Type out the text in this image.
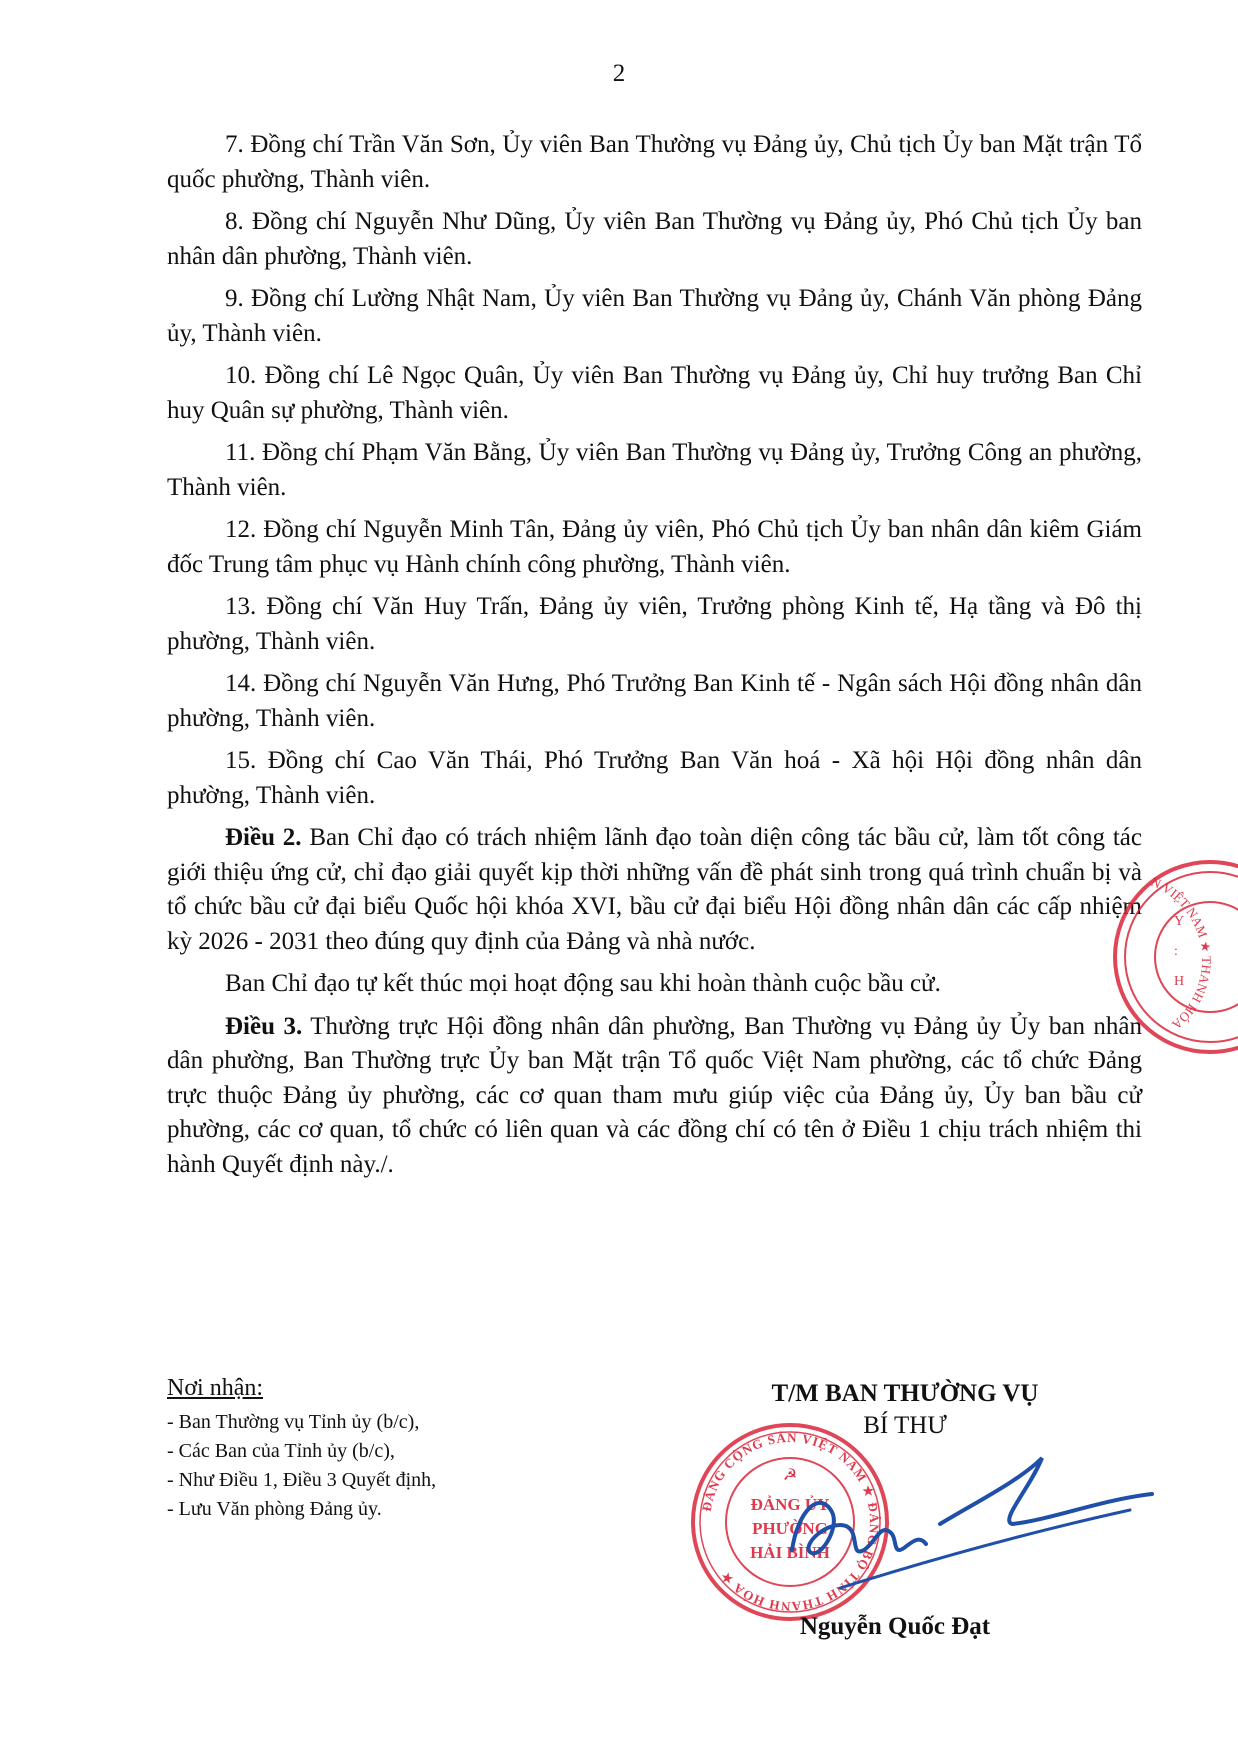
2

7. Đồng chí Trần Văn Sơn, Ủy viên Ban Thường vụ Đảng ủy, Chủ tịch Ủy ban Mặt trận Tổ quốc phường, Thành viên.

8. Đồng chí Nguyễn Như Dũng, Ủy viên Ban Thường vụ Đảng ủy, Phó Chủ tịch Ủy ban nhân dân phường, Thành viên.

9. Đồng chí Lường Nhật Nam, Ủy viên Ban Thường vụ Đảng ủy, Chánh Văn phòng Đảng ủy, Thành viên.

10. Đồng chí Lê Ngọc Quân, Ủy viên Ban Thường vụ Đảng ủy, Chỉ huy trưởng Ban Chỉ huy Quân sự phường, Thành viên.

11. Đồng chí Phạm Văn Bằng, Ủy viên Ban Thường vụ Đảng ủy, Trưởng Công an phường, Thành viên.

12. Đồng chí Nguyễn Minh Tân, Đảng ủy viên, Phó Chủ tịch Ủy ban nhân dân kiêm Giám đốc Trung tâm phục vụ Hành chính công phường, Thành viên.

13. Đồng chí Văn Huy Trấn, Đảng ủy viên, Trưởng phòng Kinh tế, Hạ tầng và Đô thị phường, Thành viên.

14. Đồng chí Nguyễn Văn Hưng, Phó Trưởng Ban Kinh tế - Ngân sách Hội đồng nhân dân phường, Thành viên.

15. Đồng chí Cao Văn Thái, Phó Trưởng Ban Văn hoá - Xã hội Hội đồng nhân dân phường, Thành viên.

Điều 2. Ban Chỉ đạo có trách nhiệm lãnh đạo toàn diện công tác bầu cử, làm tốt công tác giới thiệu ứng cử, chỉ đạo giải quyết kịp thời những vấn đề phát sinh trong quá trình chuẩn bị và tổ chức bầu cử đại biểu Quốc hội khóa XVI, bầu cử đại biểu Hội đồng nhân dân các cấp nhiệm kỳ 2026 - 2031 theo đúng quy định của Đảng và nhà nước.

Ban Chỉ đạo tự kết thúc mọi hoạt động sau khi hoàn thành cuộc bầu cử.

Điều 3. Thường trực Hội đồng nhân dân phường, Ban Thường vụ Đảng ủy Ủy ban nhân dân phường, Ban Thường trực Ủy ban Mặt trận Tổ quốc Việt Nam phường, các tổ chức Đảng trực thuộc Đảng ủy phường, các cơ quan tham mưu giúp việc của Đảng ủy, Ủy ban bầu cử phường, các cơ quan, tổ chức có liên quan và các đồng chí có tên ở Điều 1 chịu trách nhiệm thi hành Quyết định này./.

Nơi nhận:
- Ban Thường vụ Tỉnh ủy (b/c),
- Các Ban của Tỉnh ủy (b/c),
- Như Điều 1, Điều 3 Quyết định,
- Lưu Văn phòng Đảng ủy.
T/M BAN THƯỜNG VỤ
BÍ THƯ
N VIỆT NAM ★ THANH HÓA
Y : H
ĐẢNG CỘNG SẢN VIỆT NAM ★ ĐẢNG BỘ TỈNH THANH HÓA ★
☭
ĐẢNG ỦY PHƯỜNG HẢI BÌNH
Nguyễn Quốc Đạt
